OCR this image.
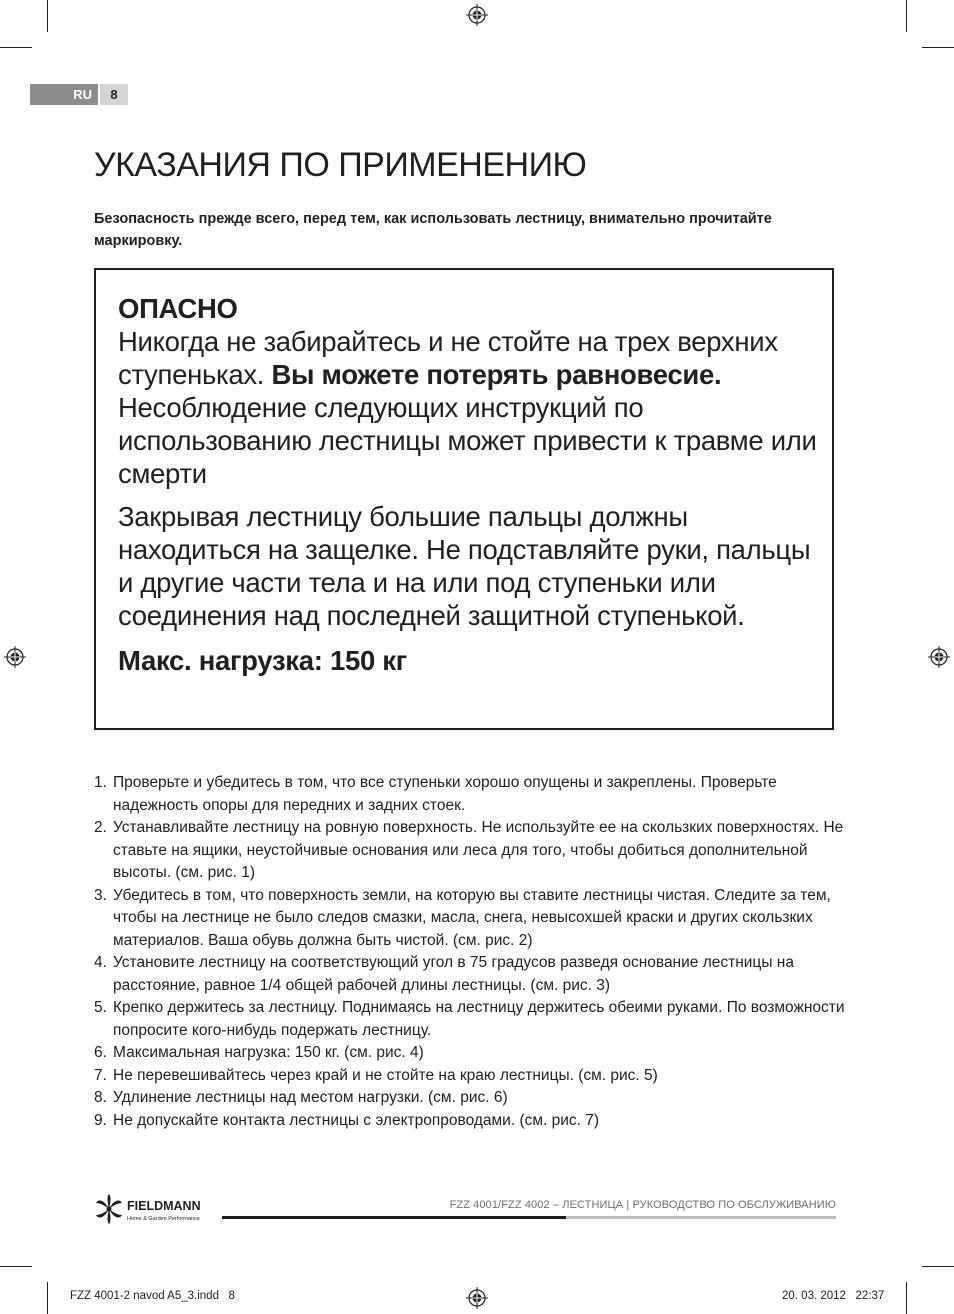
RU	8
УКАЗАНИЯ ПО ПРИМЕНЕНИЮ
Безопасность прежде всего, перед тем, как использовать лестницу, внимательно прочитайте маркировку.

ОПАСНО

Никогда не забирайтесь и не стойте на трех верхних ступеньках. Вы можете потерять равновесие. Несоблюдение следующих инструкций по использованию лестницы может привести к травме или смерти

Закрывая лестницу большие пальцы должны находиться на защелке. Не подставляйте руки, пальцы и другие части тела и на или под ступеньки или соединения над последней защитной ступенькой.

Макс. нагрузка: 150 кг

1. Проверьте и убедитесь в том, что все ступеньки хорошо опущены и закреплены. Проверьте надежность опоры для передних и задних стоек.
2. Устанавливайте лестницу на ровную поверхность. Не используйте ее на скользких поверхностях. Не ставьте на ящики, неустойчивые основания или леса для того, чтобы добиться дополнительной высоты. (см. рис. 1)
3. Убедитесь в том, что поверхность земли, на которую вы ставите лестницы чистая. Следите за тем, чтобы на лестнице не было следов смазки, масла, снега, невысохшей краски и других скользких материалов. Ваша обувь должна быть чистой. (см. рис. 2)
4. Установите лестницу на соответствующий угол в 75 градусов разведя основание лестницы на расстояние, равное 1/4 общей рабочей длины лестницы. (см. рис. 3)
5. Крепко держитесь за лестницу. Поднимаясь на лестницу держитесь обеими руками. По возможности попросите кого-нибудь подержать лестницу.
6. Максимальная нагрузка: 150 кг. (см. рис. 4)
7. Не перевешивайтесь через край и не стойте на краю лестницы. (см. рис. 5)
8. Удлинение лестницы над местом нагрузки. (см. рис. 6)
9. Не допускайте контакта лестницы с электропроводами. (см. рис. 7)
FIELDMANN
Home & Garden Performance
FZZ 4001/FZZ 4002 – ЛЕСТНИЦА | РУКОВОДСТВО ПО ОБСЛУЖИВАНИЮ
FZZ 4001-2 navod A5_3.indd   8	20. 03. 2012   22:37
